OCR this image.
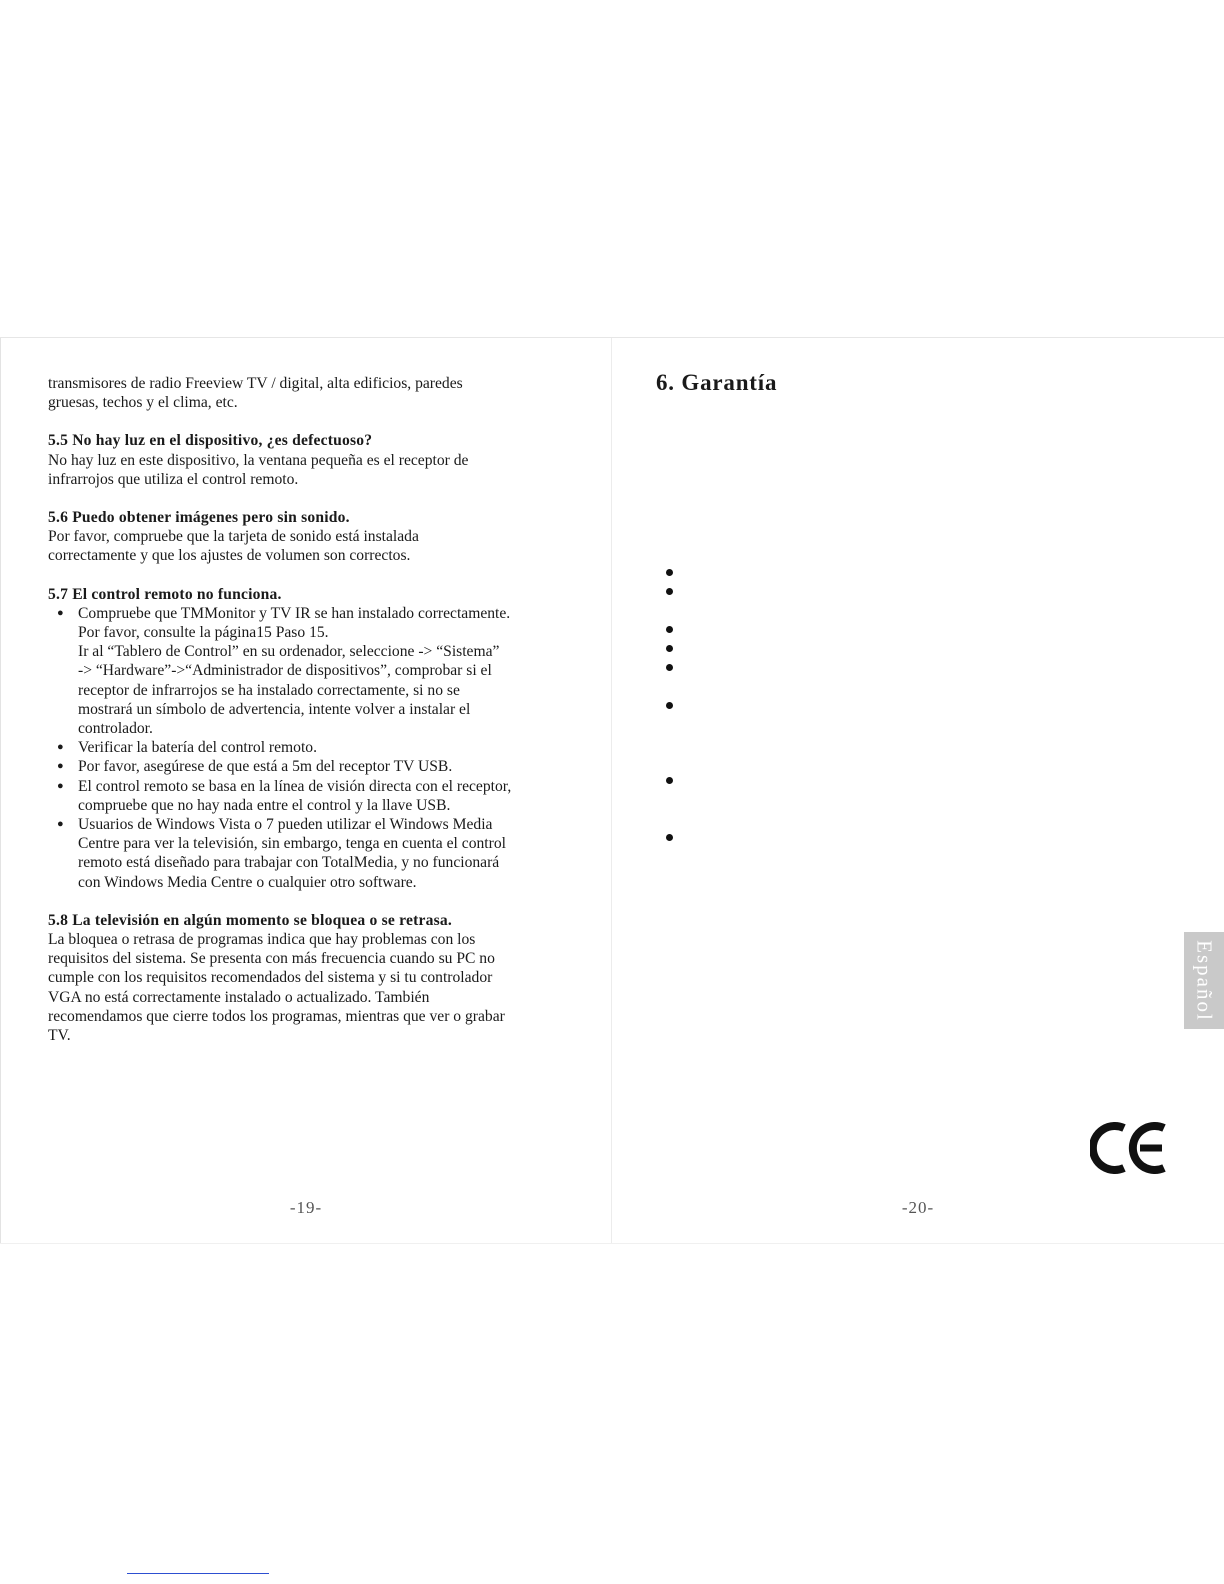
transmisores de radio Freeview TV / digital, alta edificios, paredes
gruesas, techos y el clima, etc.

5.5 No hay luz en el dispositivo, ¿es defectuoso?

No hay luz en este dispositivo, la ventana pequeña es el receptor de
infrarrojos que utiliza el control remoto.

5.6 Puedo obtener imágenes pero sin sonido.

Por favor, compruebe que la tarjeta de sonido está instalada
correctamente y que los ajustes de volumen son correctos.

5.7 El control remoto no funciona.

● Compruebe que TMMonitor y TV IR se han instalado correctamente.
Por favor, consulte la página15 Paso 15.
Ir al “Tablero de Control” en su ordenador, seleccione -> “Sistema”
-> “Hardware”->“Administrador de dispositivos”, comprobar si el
receptor de infrarrojos se ha instalado correctamente, si no se
mostrará un símbolo de advertencia, intente volver a instalar el
controlador.
● Verificar la batería del control remoto.
● Por favor, asegúrese de que está a 5m del receptor TV USB.
● El control remoto se basa en la línea de visión directa con el receptor,
compruebe que no hay nada entre el control y la llave USB.
● Usuarios de Windows Vista o 7 pueden utilizar el Windows Media
Centre para ver la televisión, sin embargo, tenga en cuenta el control
remoto está diseñado para trabajar con TotalMedia, y no funcionará
con Windows Media Centre o cualquier otro software.

5.8 La televisión en algún momento se bloquea o se retrasa.

La bloquea o retrasa de programas indica que hay problemas con los
requisitos del sistema. Se presenta con más frecuencia cuando su PC no
cumple con los requisitos recomendados del sistema y si tu controlador
VGA no está correctamente instalado o actualizado. También
recomendamos que cierre todos los programas, mientras que ver o grabar
TV.

-19-
6. Garantía
-20-
Español
